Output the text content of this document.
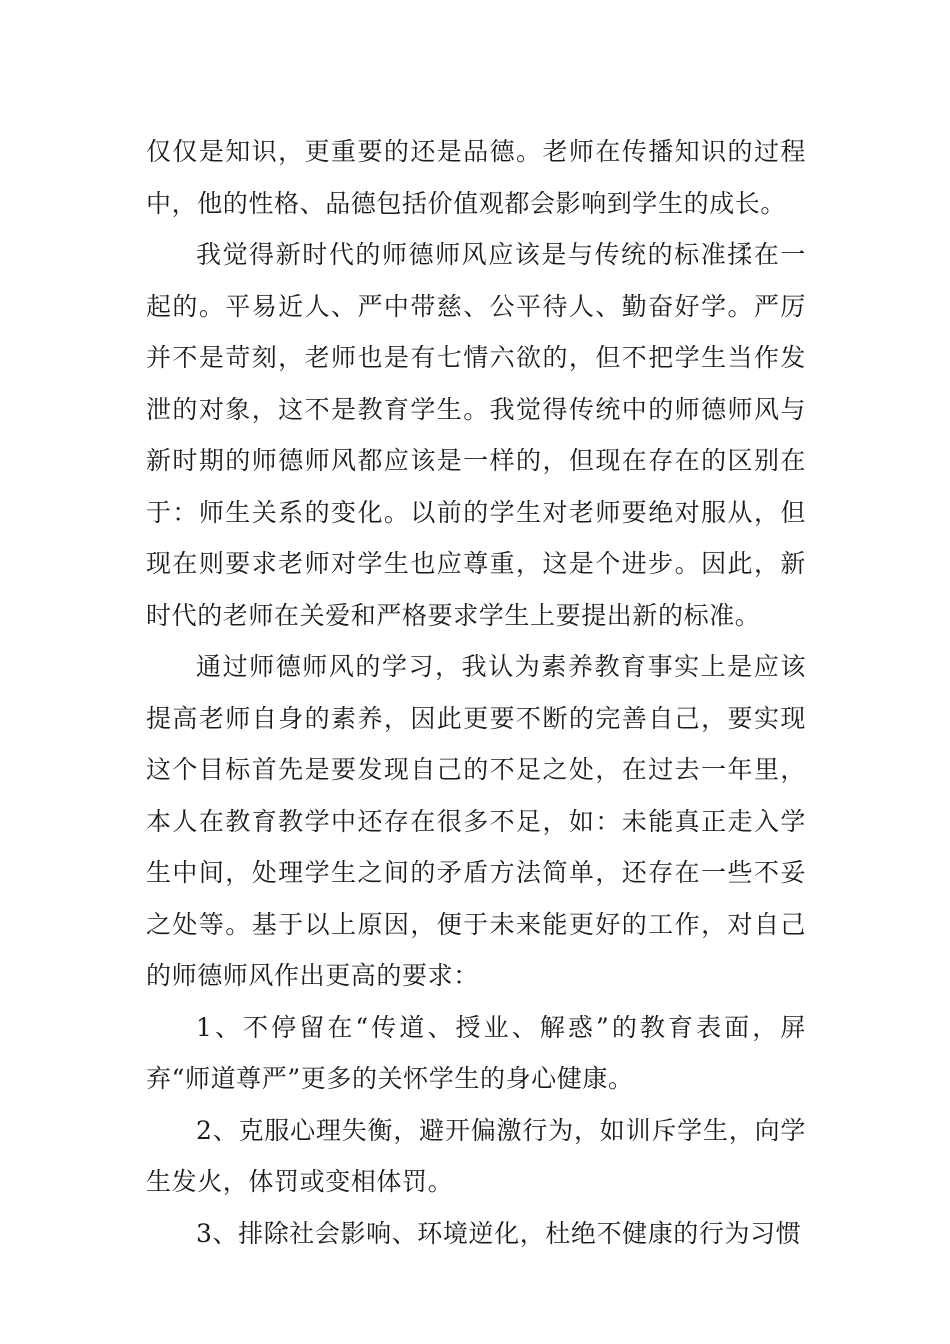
仅仅是知识，更重要的还是品德。老师在传播知识的过程中，他的性格、品德包括价值观都会影响到学生的成长。

我觉得新时代的师德师风应该是与传统的标准揉在一起的。平易近人、严中带慈、公平待人、勤奋好学。严厉并不是苛刻，老师也是有七情六欲的，但不把学生当作发泄的对象，这不是教育学生。我觉得传统中的师德师风与新时期的师德师风都应该是一样的，但现在存在的区别在于：师生关系的变化。以前的学生对老师要绝对服从，但现在则要求老师对学生也应尊重，这是个进步。因此，新时代的老师在关爱和严格要求学生上要提出新的标准。

通过师德师风的学习，我认为素养教育事实上是应该提高老师自身的素养，因此更要不断的完善自己，要实现这个目标首先是要发现自己的不足之处，在过去一年里，本人在教育教学中还存在很多不足，如：未能真正走入学生中间，处理学生之间的矛盾方法简单，还存在一些不妥之处等。基于以上原因，便于未来能更好的工作，对自己的师德师风作出更高的要求：

1、不停留在“传道、授业、解惑”的教育表面，屏弃“师道尊严”更多的关怀学生的身心健康。

2、克服心理失衡，避开偏激行为，如训斥学生，向学生发火，体罚或变相体罚。

3、排除社会影响、环境逆化，杜绝不健康的行为习惯
